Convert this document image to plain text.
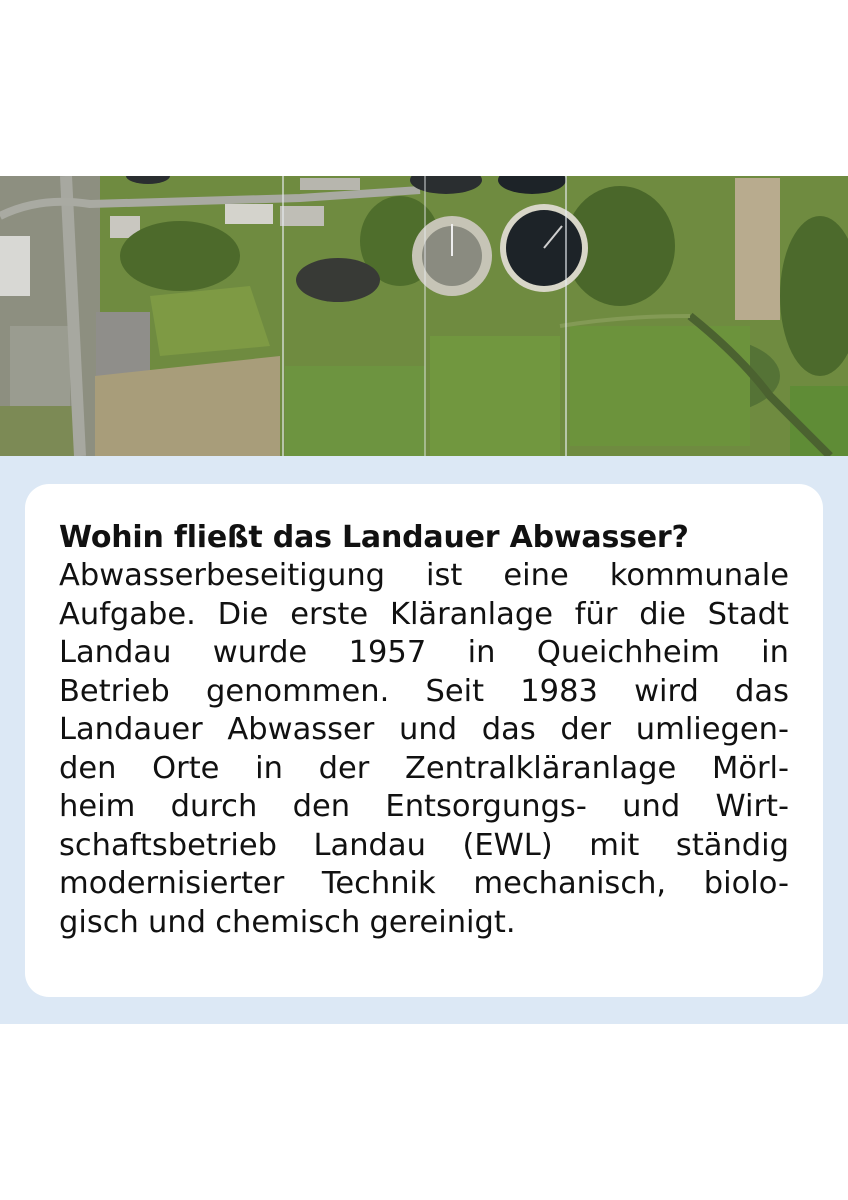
Wohin fließt das Landauer Abwasser?

Abwasserbeseitigung ist eine kommunale
Aufgabe. Die erste Kläranlage für die Stadt
Landau wurde 1957 in Queichheim in
Betrieb genommen. Seit 1983 wird das
Landauer Abwasser und das der umliegen-
den Orte in der Zentralkläranlage Mörl-
heim durch den Entsorgungs- und Wirt-
schaftsbetrieb Landau (EWL) mit ständig
modernisierter Technik mechanisch, biolo-
gisch und chemisch gereinigt.
